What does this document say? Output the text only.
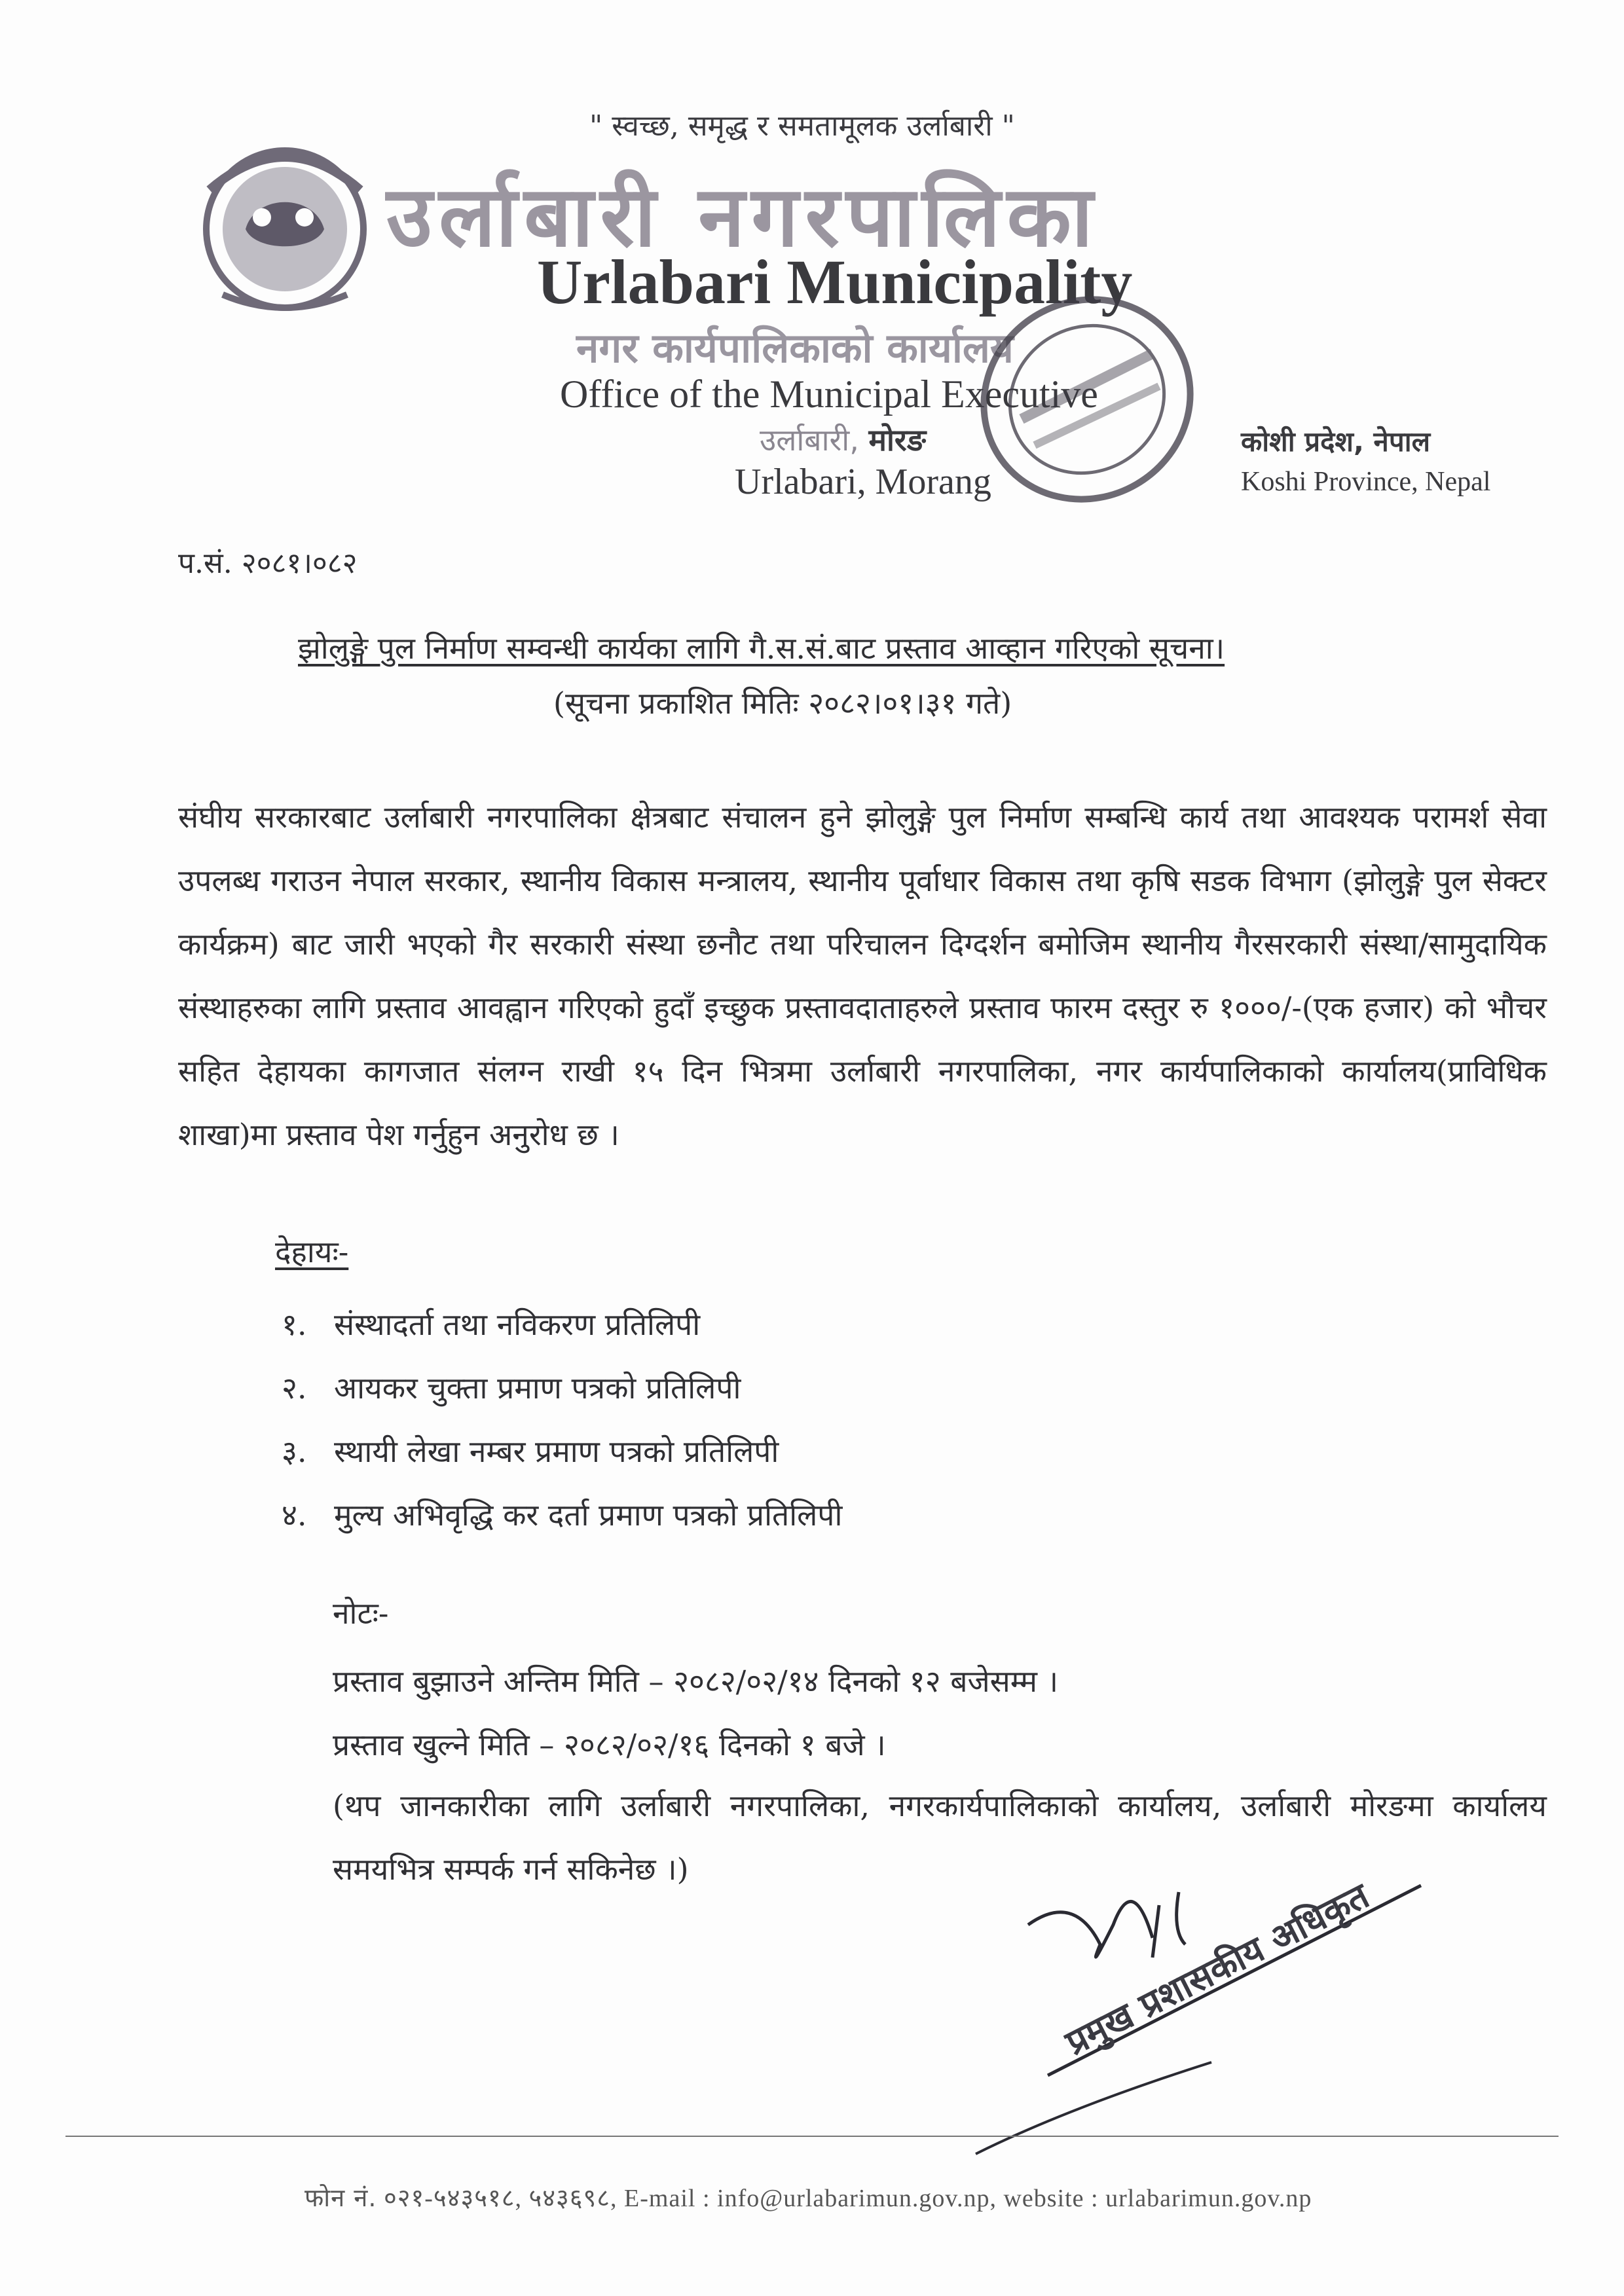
" स्वच्छ, समृद्ध र समतामूलक उर्लाबारी "
उर्लाबारी नगरपालिका
Urlabari Municipality
नगर कार्यपालिकाको कार्यालय
Office of the Municipal Executive
उर्लाबारी, मोरङ
Urlabari, Morang
कोशी प्रदेश, नेपाल
Koshi Province, Nepal
प.सं. २०८१।०८२
झोलुङ्गे पुल निर्माण सम्वन्धी कार्यका लागि गै.स.सं.बाट प्रस्ताव आव्हान गरिएको सूचना।
(सूचना प्रकाशित मितिः २०८२।०१।३१ गते)
संघीय सरकारबाट उर्लाबारी नगरपालिका क्षेत्रबाट संचालन हुने झोलुङ्गे पुल निर्माण सम्बन्धि कार्य तथा आवश्यक परामर्श सेवा उपलब्ध गराउन नेपाल सरकार, स्थानीय विकास मन्त्रालय, स्थानीय पूर्वाधार विकास तथा कृषि सडक विभाग (झोलुङ्गे पुल सेक्टर कार्यक्रम) बाट जारी भएको गैर सरकारी संस्था छनौट तथा परिचालन दिग्दर्शन बमोजिम स्थानीय गैरसरकारी संस्था/सामुदायिक संस्थाहरुका लागि प्रस्ताव आवह्वान गरिएको हुदाँ इच्छुक प्रस्तावदाताहरुले प्रस्ताव फारम दस्तुर रु १०००/-(एक हजार) को भौचर सहित देहायका कागजात संलग्न राखी १५ दिन भित्रमा उर्लाबारी नगरपालिका, नगर कार्यपालिकाको कार्यालय(प्राविधिक शाखा)मा प्रस्ताव पेश गर्नुहुन अनुरोध छ ।
देहायः-
१. संस्थादर्ता तथा नविकरण प्रतिलिपी
२. आयकर चुक्ता प्रमाण पत्रको प्रतिलिपी
३. स्थायी लेखा नम्बर प्रमाण पत्रको प्रतिलिपी
४. मुल्य अभिवृद्धि कर दर्ता प्रमाण पत्रको प्रतिलिपी
नोटः-
प्रस्ताव बुझाउने अन्तिम मिति – २०८२/०२/१४ दिनको १२ बजेसम्म ।
प्रस्ताव खुल्ने मिति – २०८२/०२/१६ दिनको १ बजे ।
(थप जानकारीका लागि उर्लाबारी नगरपालिका, नगरकार्यपालिकाको कार्यालय, उर्लाबारी मोरङमा कार्यालय समयभित्र सम्पर्क गर्न सकिनेछ ।)
प्रमुख प्रशासकीय अधिकृत
फोन नं. ०२१-५४३५१८, ५४३६९८, E-mail : info@urlabarimun.gov.np, website : urlabarimun.gov.np
